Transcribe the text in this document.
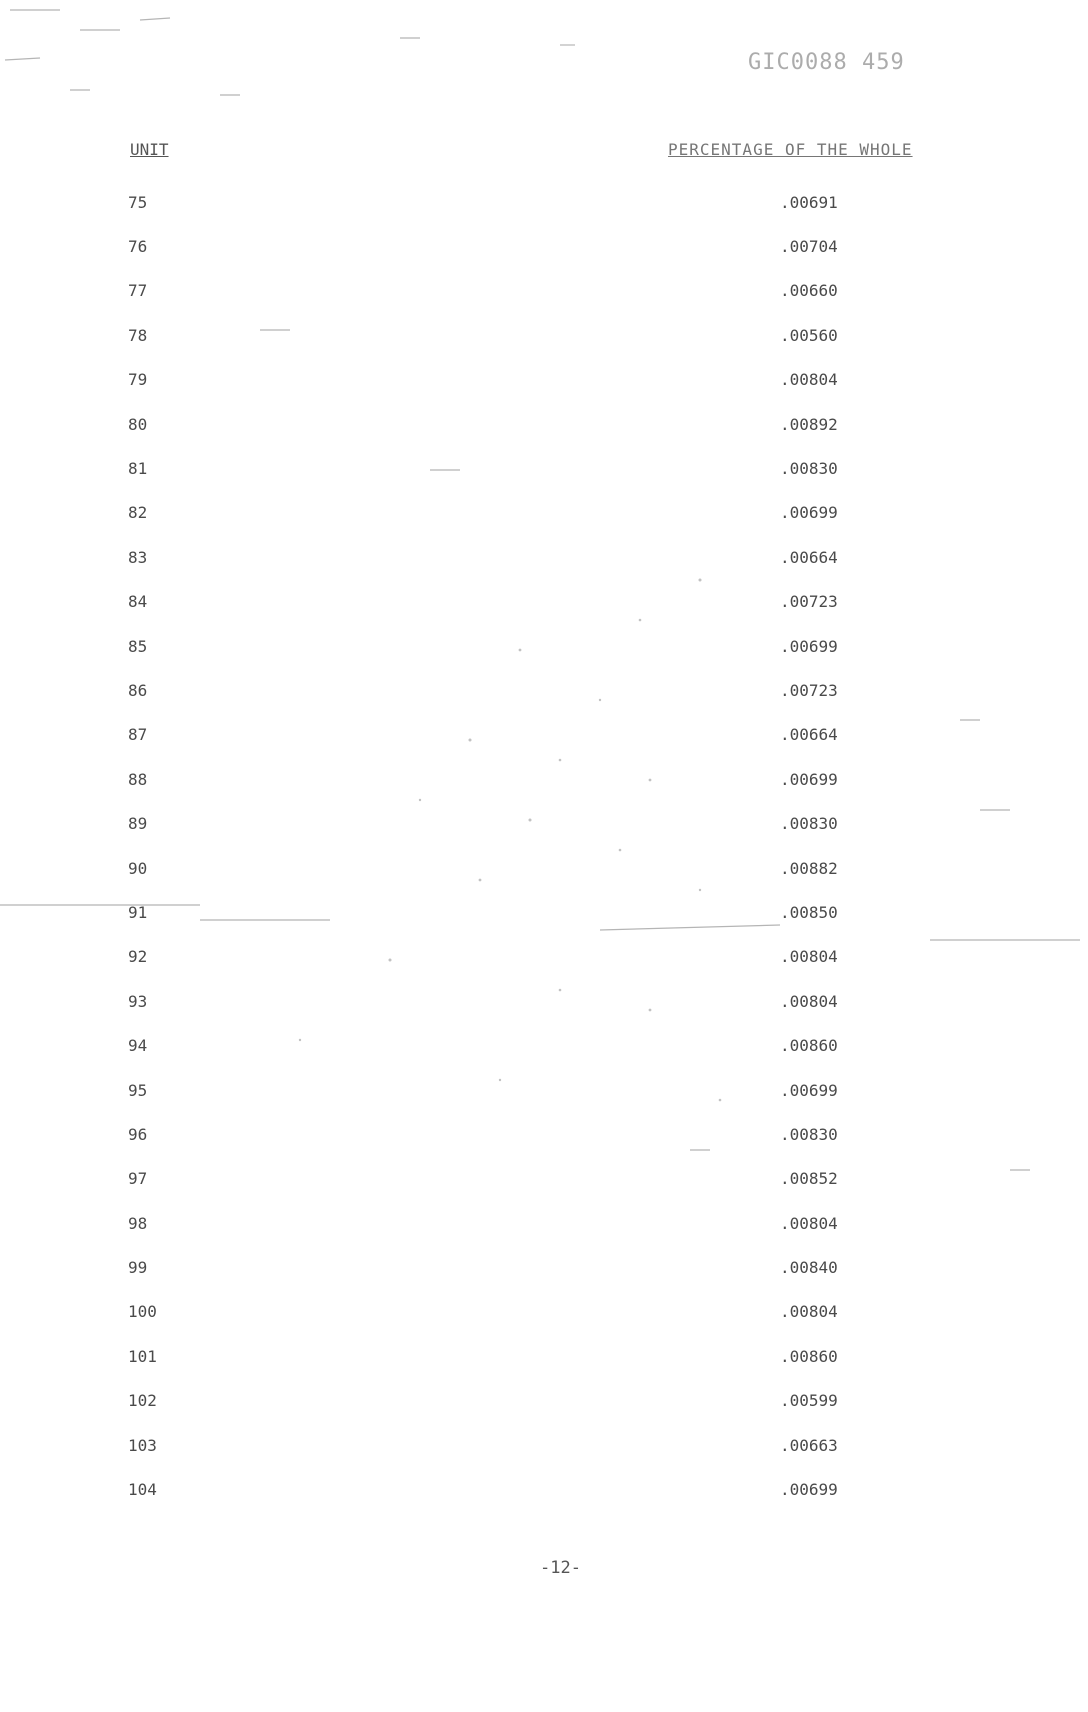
GIC0088 459
UNIT	PERCENTAGE OF THE WHOLE
75		.00691
76		.00704
77		.00660
78		.00560
79		.00804
80		.00892
81		.00830
82		.00699
83		.00664
84		.00723
85		.00699
86		.00723
87		.00664
88		.00699
89		.00830
90		.00882
91		.00850
92		.00804
93		.00804
94		.00860
95		.00699
96		.00830
97		.00852
98		.00804
99		.00840
100		.00804
101		.00860
102		.00599
103		.00663
104		.00699
-12-
